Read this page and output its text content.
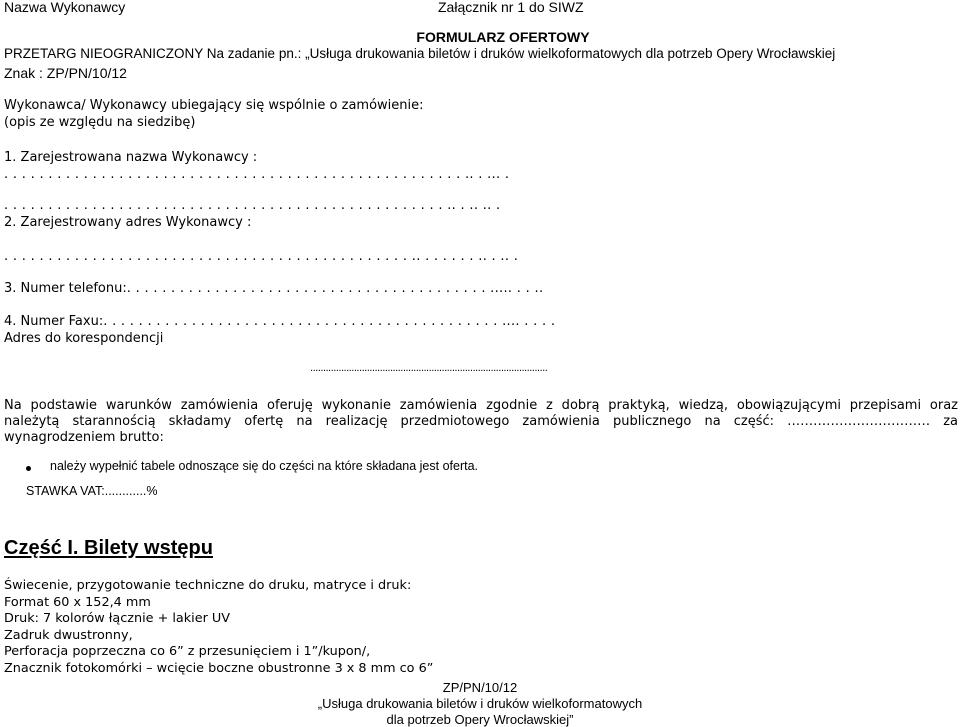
Nazwa Wykonawcy	Załącznik nr 1 do SIWZ
FORMULARZ OFERTOWY
PRZETARG NIEOGRANICZONY Na zadanie pn.: „Usługa drukowania biletów i druków wielkoformatowych dla potrzeb Opery Wrocławskiej
Znak : ZP/PN/10/12
Wykonawca/ Wykonawcy ubiegający się wspólnie o zamówienie:
(opis ze względu na siedzibę)
1. Zarejestrowana nazwa Wykonawcy :
. . . . . . . . . . . . . . . . . . . . . . . . . . . . . . . . . . . . . . . . . . . . . . . . . . . . .. . ... .
. . . . . . . . . . . . . . . . . . . . . . . . . . . . . . . . . . . . . . . . . . . . . . . . . . .. . .. .. .
2. Zarejestrowany adres Wykonawcy :
. . . . . . . . . . . . . . . . . . . . . . . . . . . . . . . . . . . . . . . . . . . . . . .. . . . . . . .. . .. .
3. Numer telefonu:. . . . . . . . . . . . . . . . . . . . . . . . . . . . . . . . . . . . . . . . . ..... . . ..
4. Numer Faxu:. . . . . . . . . . . . . . . . . . . . . . . . . . . . . . . . . . . . . . . . . . . . . .... . . . .
Adres do korespondencji
............................................................................................
Na podstawie warunków zamówienia oferuję wykonanie zamówienia zgodnie z dobrą praktyką, wiedzą, obowiązującymi przepisami oraz
należytą starannością składamy ofertę na realizację przedmiotowego zamówienia publicznego na część: …………………………… za
wynagrodzeniem brutto:
należy wypełnić tabele odnoszące się do części na które składana jest oferta.
STAWKA VAT:............%
Część I. Bilety wstępu
Świecenie, przygotowanie techniczne do druku, matryce i druk:
Format 60 x 152,4 mm
Druk: 7 kolorów łącznie + lakier UV
Zadruk dwustronny,
Perforacja poprzeczna co 6” z przesunięciem i 1”/kupon/,
Znacznik fotokomórki – wcięcie boczne obustronne 3 x 8 mm co 6”
ZP/PN/10/12
„Usługa drukowania biletów i druków wielkoformatowych
dla potrzeb Opery Wrocławskiej”
